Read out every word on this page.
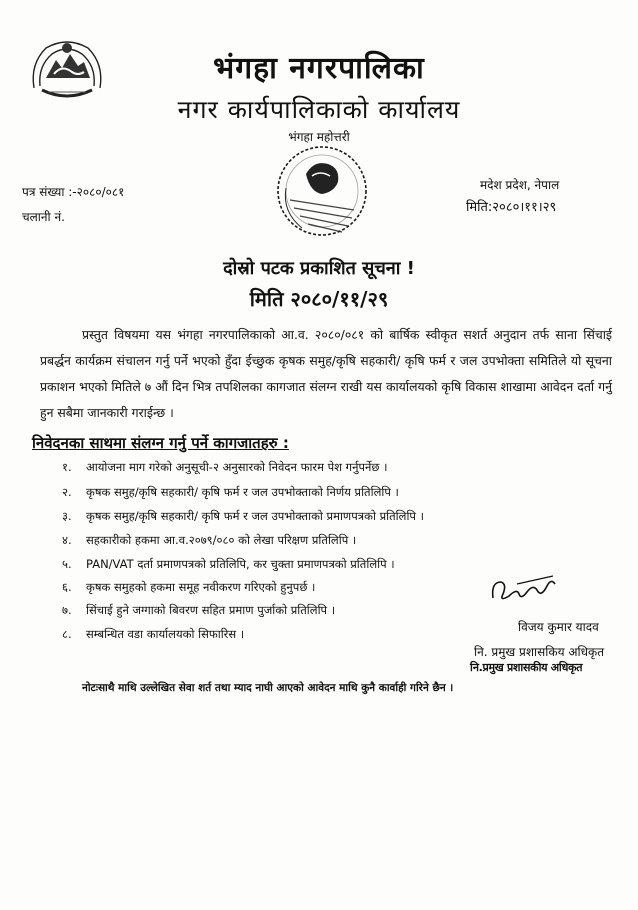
भंगहा नगरपालिका
नगर कार्यपालिकाको कार्यालय
भंगहा महोत्तरी
पत्र संख्या :-२०८०/०८१
चलानी नं.
मदेश प्रदेश, नेपाल
मिति:२०८०।११।२९
दोस्रो पटक प्रकाशित सूचना !
मिति २०८०/११/२९
प्रस्तुत विषयमा यस भंगहा नगरपालिकाको आ.व. २०८०/०८१ को बार्षिक स्वीकृत सशर्त अनुदान तर्फ साना सिंचाई प्रबर्द्धन कार्यक्रम संचालन गर्नु पर्ने भएको हुँदा ईच्छुक कृषक समुह/कृषि सहकारी/ कृषि फर्म र जल उपभोक्ता समितिले यो सूचना प्रकाशन भएको मितिले ७ औं दिन भित्र तपशिलका कागजात संलग्न राखी यस कार्यालयको कृषि विकास शाखामा आवेदन दर्ता गर्नु हुन सबैमा जानकारी गराईन्छ ।
निवेदनका साथमा संलग्न गर्नु पर्ने कागजातहरु :
१. आयोजना माग गरेको अनुसूची-२ अनुसारको निवेदन फारम पेश गर्नुपर्नेछ ।
२. कृषक समुह/कृषि सहकारी/ कृषि फर्म र जल उपभोक्ताको निर्णय प्रतिलिपि ।
३. कृषक समुह/कृषि सहकारी/ कृषि फर्म र जल उपभोक्ताको प्रमाणपत्रको प्रतिलिपि ।
४. सहकारीको हकमा आ.व.२०७९/०८० को लेखा परिक्षण प्रतिलिपि ।
५. PAN/VAT दर्ता प्रमाणपत्रको प्रतिलिपि, कर चुक्ता प्रमाणपत्रको प्रतिलिपि ।
६. कृषक समुहको हकमा समूह नवीकरण गरिएको हुनुपर्छ ।
७. सिंचाई हुने जग्गाको बिवरण सहित प्रमाण पुर्जाको प्रतिलिपि ।
८. सम्बन्धित वडा कार्यालयको सिफारिस ।	विजय कुमार यादव
नि. प्रमुख प्रशासकिय अधिकृत
नि.प्रमुख प्रशासकीय अधिकृत
नोटःसाथै माथि उल्लेखित सेवा शर्त तथा म्याद नाघी आएको आवेदन माथि कुनै कार्वाही गरिने छैन ।
